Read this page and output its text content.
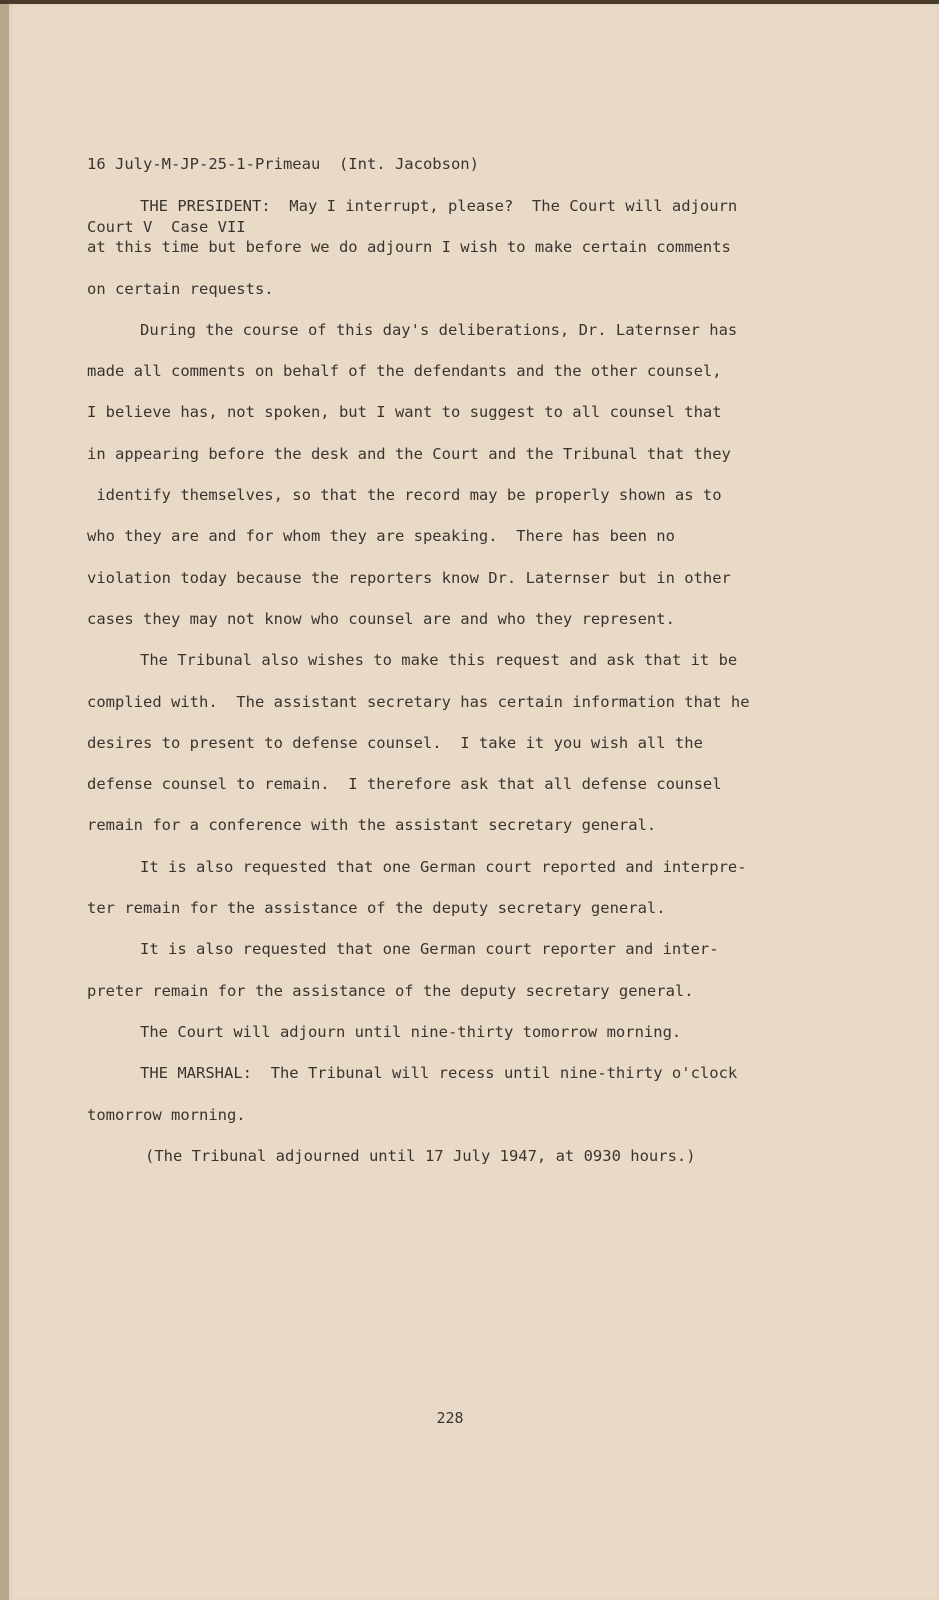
16 July-M-JP-25-1-Primeau  (Int. Jacobson)

Court V  Case VII

THE PRESIDENT:  May I interrupt, please?  The Court will adjourn
at this time but before we do adjourn I wish to make certain comments
on certain requests.
During the course of this day's deliberations, Dr. Laternser has
made all comments on behalf of the defendants and the other counsel,
I believe has, not spoken, but I want to suggest to all counsel that
in appearing before the desk and the Court and the Tribunal that they
identify themselves, so that the record may be properly shown as to
who they are and for whom they are speaking.  There has been no
violation today because the reporters know Dr. Laternser but in other
cases they may not know who counsel are and who they represent.
The Tribunal also wishes to make this request and ask that it be
complied with.  The assistant secretary has certain information that he
desires to present to defense counsel.  I take it you wish all the
defense counsel to remain.  I therefore ask that all defense counsel
remain for a conference with the assistant secretary general.
It is also requested that one German court reported and interpre-
ter remain for the assistance of the deputy secretary general.
It is also requested that one German court reporter and inter-
preter remain for the assistance of the deputy secretary general.
The Court will adjourn until nine-thirty tomorrow morning.
THE MARSHAL:  The Tribunal will recess until nine-thirty o'clock
tomorrow morning.
(The Tribunal adjourned until 17 July 1947, at 0930 hours.)
228
